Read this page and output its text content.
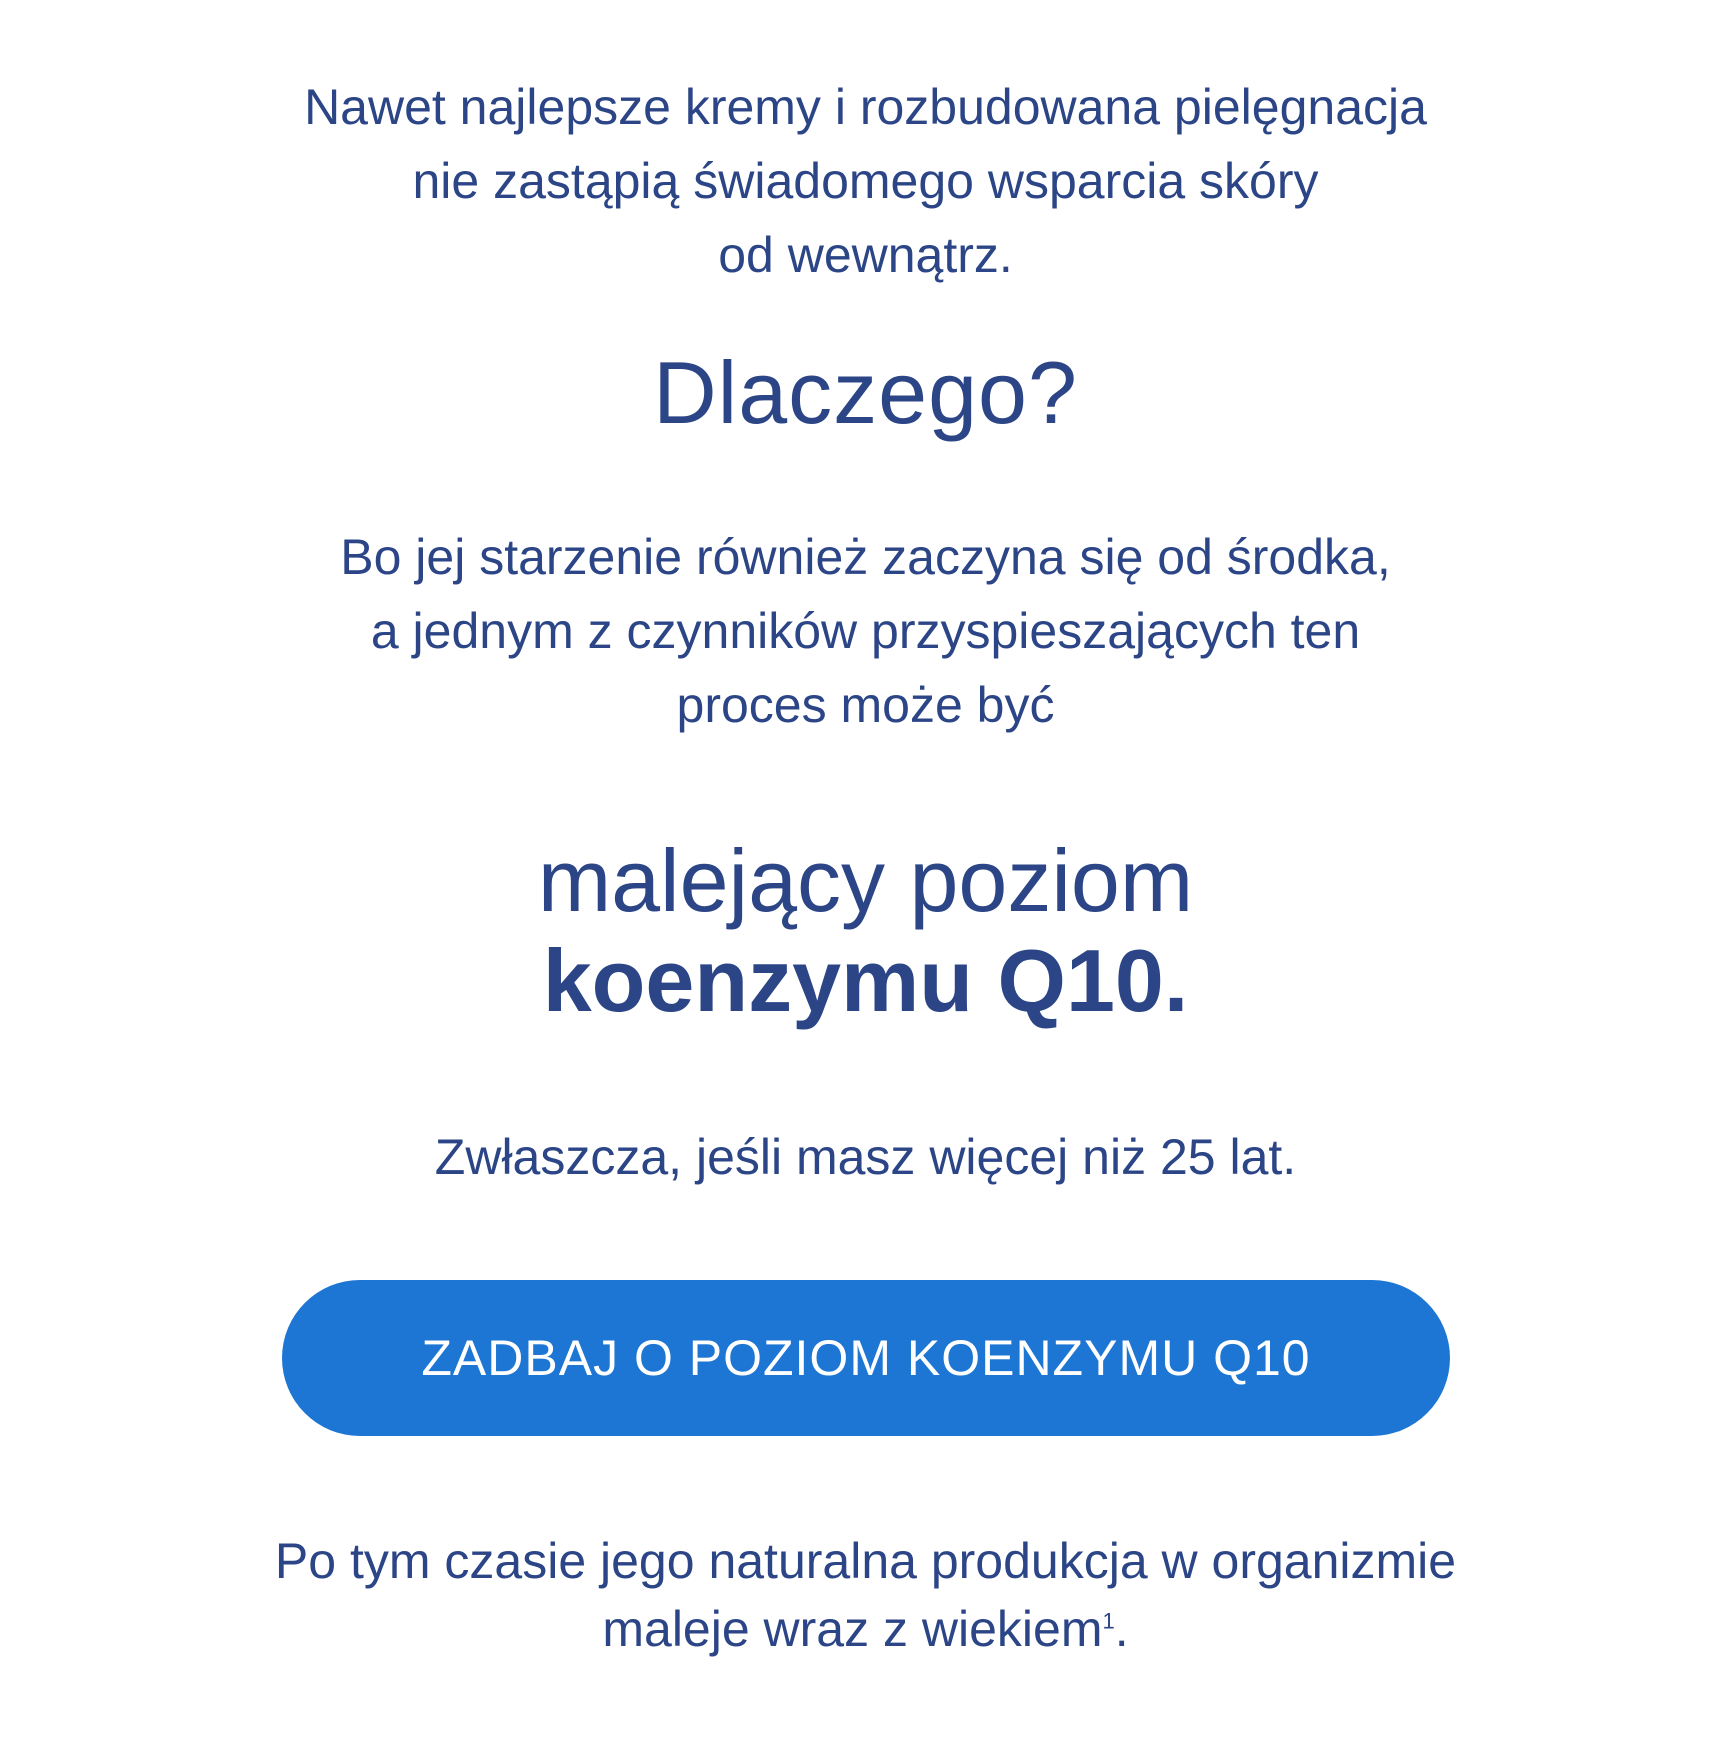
Nawet najlepsze kremy i rozbudowana pielęgnacja
nie zastąpią świadomego wsparcia skóry
od wewnątrz.
Dlaczego?
Bo jej starzenie również zaczyna się od środka,
a jednym z czynników przyspieszających ten
proces może być
malejący poziom
koenzymu Q10.
Zwłaszcza, jeśli masz więcej niż 25 lat.
ZADBAJ O POZIOM KOENZYMU Q10
Po tym czasie jego naturalna produkcja w organizmie
maleje wraz z wiekiem$^1$.
